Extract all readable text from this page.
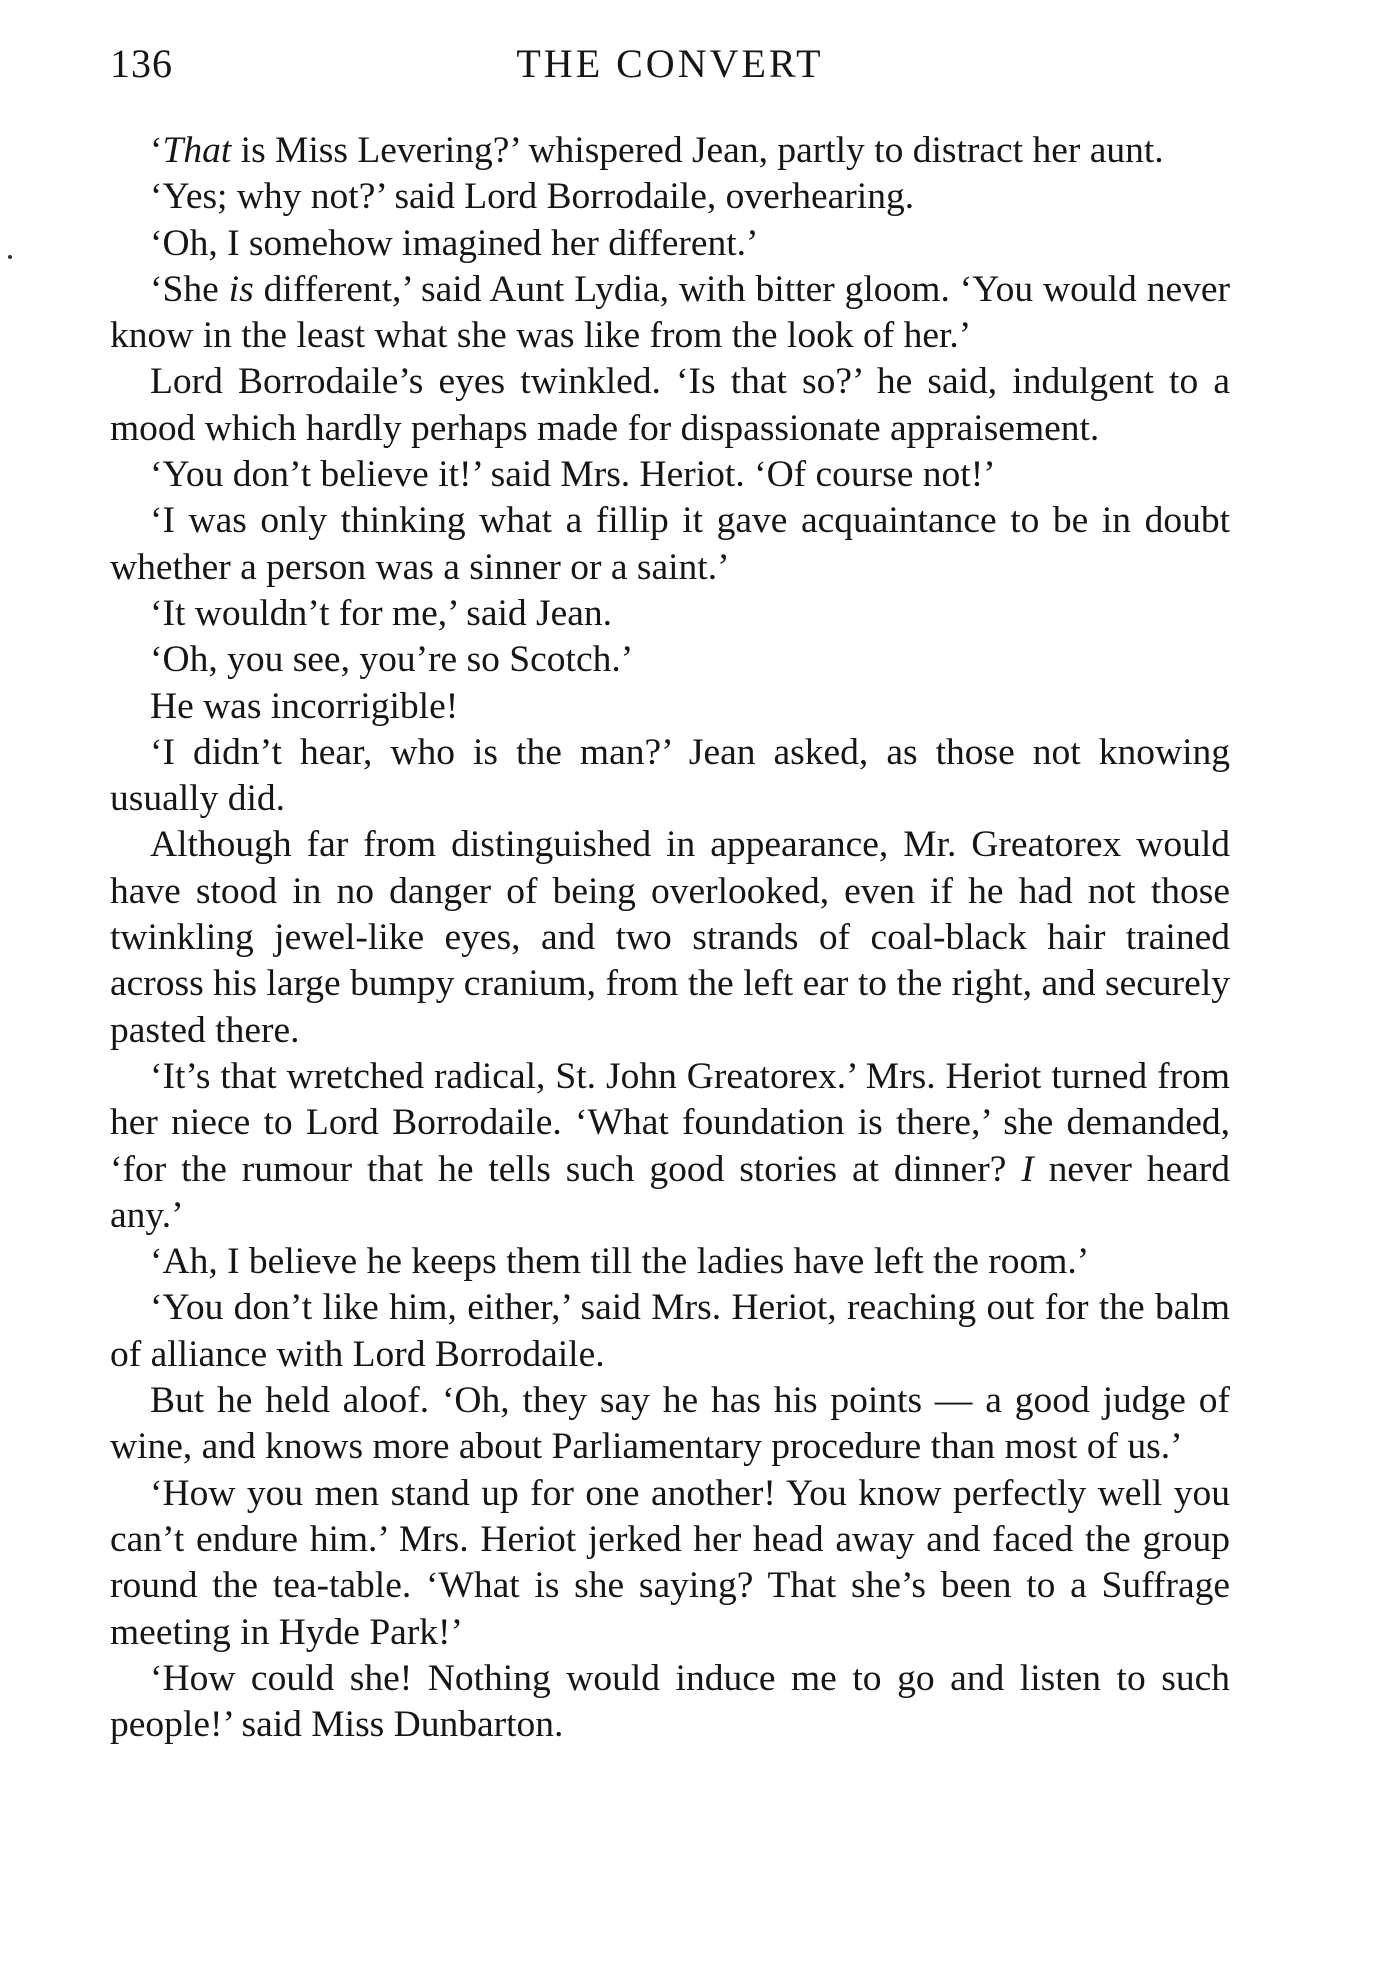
136	THE CONVERT

‘That is Miss Levering?’ whispered Jean, partly to distract her aunt.

‘Yes; why not?’ said Lord Borrodaile, overhearing.

‘Oh, I somehow imagined her different.’

‘She is different,’ said Aunt Lydia, with bitter gloom. ‘You would never know in the least what she was like from the look of her.’

Lord Borrodaile’s eyes twinkled. ‘Is that so?’ he said, indulgent to a mood which hardly perhaps made for dispassionate appraisement.

‘You don’t believe it!’ said Mrs. Heriot. ‘Of course not!’

‘I was only thinking what a fillip it gave acquaintance to be in doubt whether a person was a sinner or a saint.’

‘It wouldn’t for me,’ said Jean.

‘Oh, you see, you’re so Scotch.’

He was incorrigible!

‘I didn’t hear, who is the man?’ Jean asked, as those not knowing usually did.

Although far from distinguished in appearance, Mr. Greatorex would have stood in no danger of being overlooked, even if he had not those twinkling jewel-like eyes, and two strands of coal-black hair trained across his large bumpy cranium, from the left ear to the right, and securely pasted there.

‘It’s that wretched radical, St. John Greatorex.’ Mrs. Heriot turned from her niece to Lord Borrodaile. ‘What foundation is there,’ she demanded, ‘for the rumour that he tells such good stories at dinner? I never heard any.’

‘Ah, I believe he keeps them till the ladies have left the room.’

‘You don’t like him, either,’ said Mrs. Heriot, reaching out for the balm of alliance with Lord Borrodaile.

But he held aloof. ‘Oh, they say he has his points — a good judge of wine, and knows more about Parliamentary procedure than most of us.’

‘How you men stand up for one another! You know perfectly well you can’t endure him.’ Mrs. Heriot jerked her head away and faced the group round the tea-table. ‘What is she saying? That she’s been to a Suffrage meeting in Hyde Park!’

‘How could she! Nothing would induce me to go and listen to such people!’ said Miss Dunbarton.
